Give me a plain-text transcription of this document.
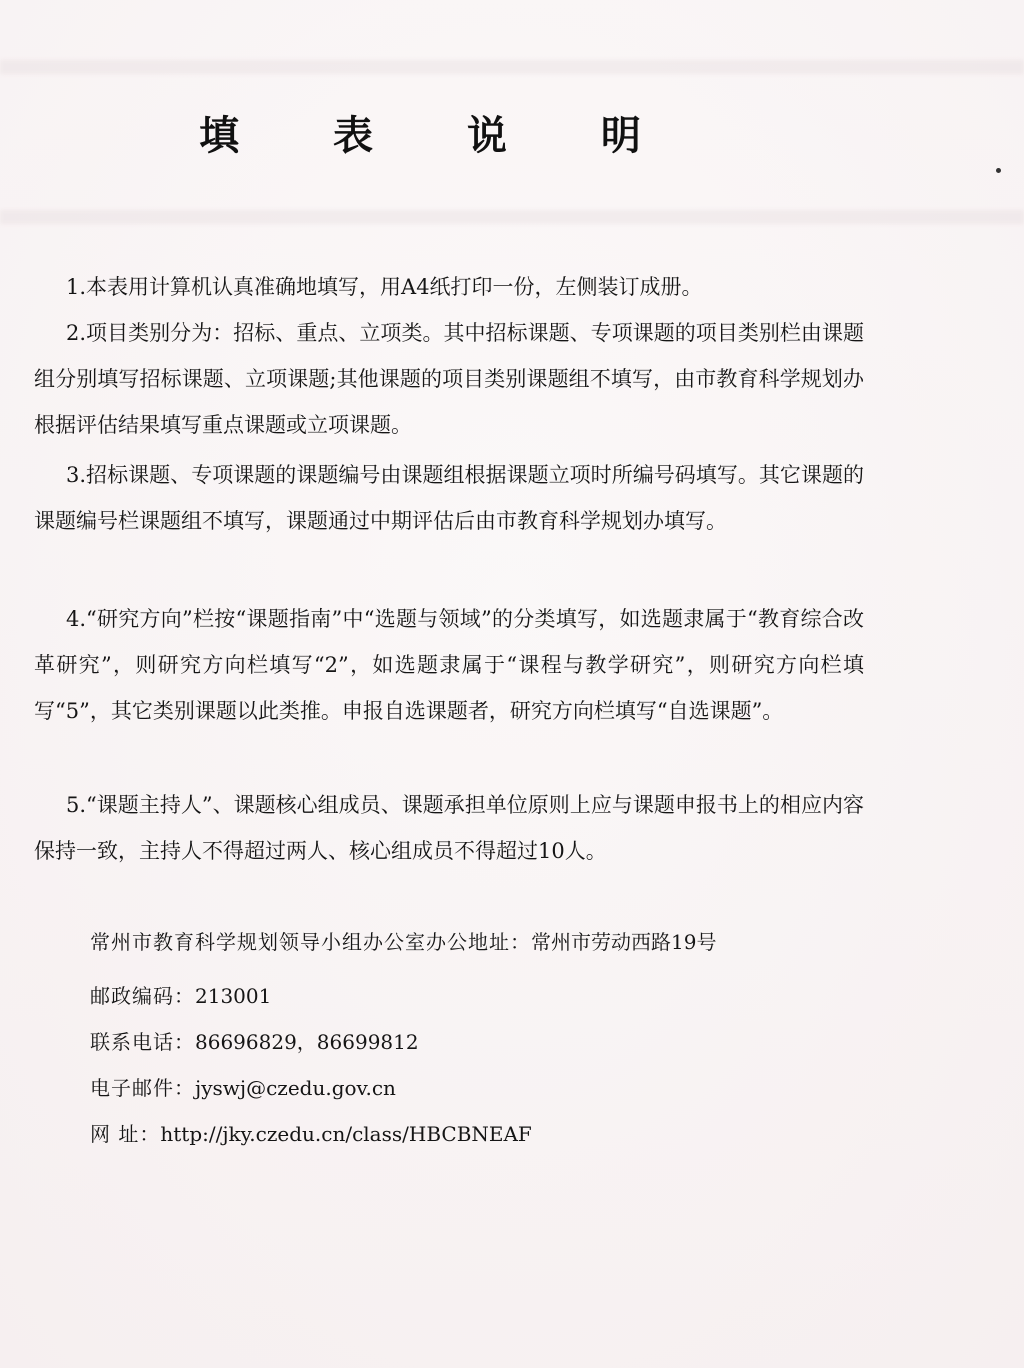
填 表 说 明

1.本表用计算机认真准确地填写，用A4纸打印一份，左侧装订成册。

2.项目类别分为：招标、重点、立项类。其中招标课题、专项课题的项目类别栏由课题组分别填写招标课题、立项课题;其他课题的项目类别课题组不填写，由市教育科学规划办根据评估结果填写重点课题或立项课题。

3.招标课题、专项课题的课题编号由课题组根据课题立项时所编号码填写。其它课题的课题编号栏课题组不填写，课题通过中期评估后由市教育科学规划办填写。

4.“研究方向”栏按“课题指南”中“选题与领域”的分类填写，如选题隶属于“教育综合改革研究”，则研究方向栏填写“2”，如选题隶属于“课程与教学研究”，则研究方向栏填写“5”，其它类别课题以此类推。申报自选课题者，研究方向栏填写“自选课题”。

5.“课题主持人”、课题核心组成员、课题承担单位原则上应与课题申报书上的相应内容保持一致，主持人不得超过两人、核心组成员不得超过10人。

常州市教育科学规划领导小组办公室办公地址：常州市劳动西路19号

邮政编码：213001

联系电话：86696829，86699812

电子邮件：jyswj@czedu.gov.cn

网 址：http://jky.czedu.cn/class/HBCBNEAF
